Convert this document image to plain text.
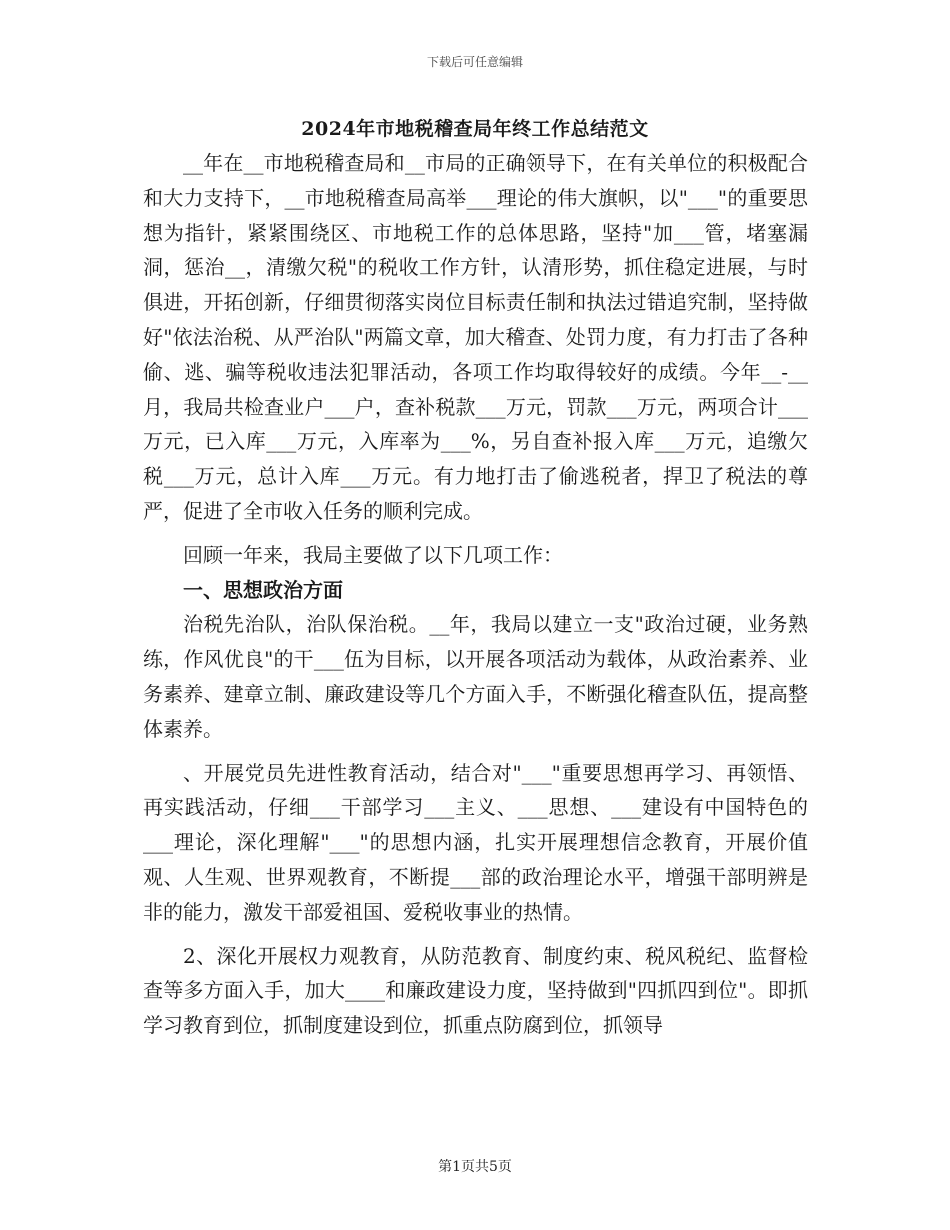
下载后可任意编辑
2024年市地税稽查局年终工作总结范文

__年在__市地税稽查局和__市局的正确领导下，在有关单位的积极配合和大力支持下，__市地税稽查局高举___理论的伟大旗帜，以"___"的重要思想为指针，紧紧围绕区、市地税工作的总体思路，坚持"加___管，堵塞漏洞，惩治__，清缴欠税"的税收工作方针，认清形势，抓住稳定进展，与时俱进，开拓创新，仔细贯彻落实岗位目标责任制和执法过错追究制，坚持做好"依法治税、从严治队"两篇文章，加大稽查、处罚力度，有力打击了各种偷、逃、骗等税收违法犯罪活动，各项工作均取得较好的成绩。今年__-__月，我局共检查业户___户，查补税款___万元，罚款___万元，两项合计___万元，已入库___万元，入库率为___%，另自查补报入库___万元，追缴欠税___万元，总计入库___万元。有力地打击了偷逃税者，捍卫了税法的尊严，促进了全市收入任务的顺利完成。

回顾一年来，我局主要做了以下几项工作：

一、思想政治方面

治税先治队，治队保治税。__年，我局以建立一支"政治过硬，业务熟练，作风优良"的干___伍为目标，以开展各项活动为载体，从政治素养、业务素养、建章立制、廉政建设等几个方面入手，不断强化稽查队伍，提高整体素养。

、开展党员先进性教育活动，结合对"___"重要思想再学习、再领悟、再实践活动，仔细___干部学习___主义、___思想、___建设有中国特色的___理论，深化理解"___"的思想内涵，扎实开展理想信念教育，开展价值观、人生观、世界观教育，不断提___部的政治理论水平，增强干部明辨是非的能力，激发干部爱祖国、爱税收事业的热情。

2、深化开展权力观教育，从防范教育、制度约束、税风税纪、监督检查等多方面入手，加大____和廉政建设力度，坚持做到"四抓四到位"。即抓学习教育到位，抓制度建设到位，抓重点防腐到位，抓领导

第1页共5页
